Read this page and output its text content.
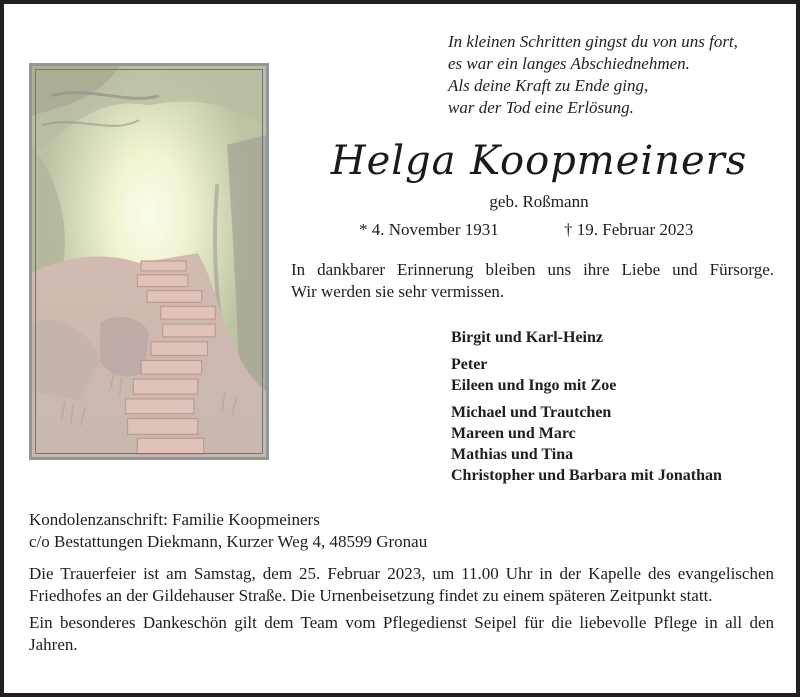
In kleinen Schritten gingst du von uns fort,
es war ein langes Abschiednehmen.
Als deine Kraft zu Ende ging,
war der Tod eine Erlösung.
Helga Koopmeiners
geb. Roßmann
* 4. November 1931	† 19. Februar 2023
In dankbarer Erinnerung bleiben uns ihre Liebe und Fürsorge.
Wir werden sie sehr vermissen.
Birgit und Karl-Heinz
Peter
Eileen und Ingo mit Zoe
Michael und Trautchen
Mareen und Marc
Mathias und Tina
Christopher und Barbara mit Jonathan
Kondolenzanschrift: Familie Koopmeiners
c/o Bestattungen Diekmann, Kurzer Weg 4, 48599 Gronau

Die Trauerfeier ist am Samstag, dem 25. Februar 2023, um 11.00 Uhr in der Kapelle des evangelischen Friedhofes an der Gildehauser Straße. Die Urnenbeisetzung findet zu einem späteren Zeitpunkt statt.

Ein besonderes Dankeschön gilt dem Team vom Pflegedienst Seipel für die liebevolle Pflege in all den Jahren.
